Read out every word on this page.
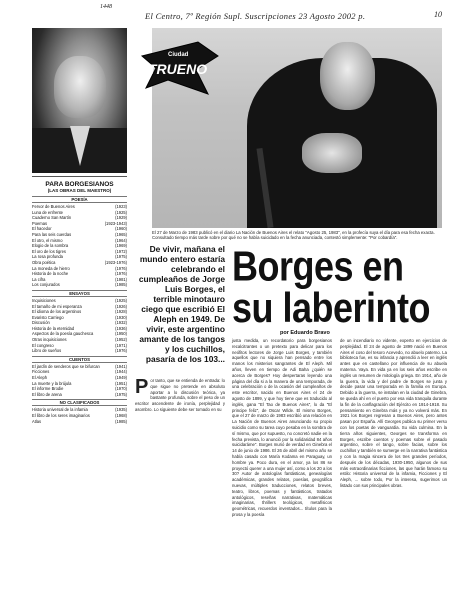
1448
El Centro, 7º Región Supl. Suscripciones 23 Agosto 2002 p.	10
Ciudad
TRUENO
El 27 de Marzo de 1983 publicó en el diario La Nación de Buenos Aires el relato "Agosto 25, 1983", en la profecía suya el día para esa fecha exacta. Consultado tiempo más tarde sobre por qué no se había suicidado en la fecha anunciada, contestó simplemente: "Por cobardía".
PARA BORGESIANOS
(LAS OBRAS DEL MAESTRO)
POESÍA
Fervor de Buenos Aires	(1923)
Luna de enfrente	(1925)
Cuaderno San Martín	(1929)
Poemas	(1923-1943)
El hacedor	(1960)
Para las seis cuerdas	(1965)
El otro, el mismo	(1964)
Elogio de la sombra	(1969)
El oro de los tigres	(1972)
La rosa profunda	(1975)
Obra poética	(1923-1976)
La moneda de hierro	(1976)
Historia de la noche	(1976)
La cifra	(1981)
Los conjurados	(1985)
ENSAYOS
Inquisiciones	(1925)
El tamaño de mi esperanza	(1926)
El idioma de los argentinos	(1928)
Evaristo Carriego	(1930)
Discusión	(1932)
Historia de la eternidad	(1936)
Aspectos de la poesía gauchesca	(1950)
Otras inquisiciones	(1952)
El congreso	(1971)
Libro de sueños	(1976)
CUENTOS
El jardín de senderos que se bifurcan	(1941)
Ficciones	(1944)
El Aleph	(1949)
La muerte y la brújula	(1951)
El informe Brodie	(1970)
El libro de arena	(1975)
NO CLASIFICADOS
Historia universal de la infamia	(1935)
El libro de los seres imaginarios	(1968)
Atlas	(1985)
De vivir, mañana el mundo entero estaría celebrando el cumpleaños de Jorge Luis Borges, el terrible minotauro ciego que escribió El Aleph en 1949. De vivir, este argentino amante de los tangos y los cuchillos, pasaría de los 103...
Borges en su laberinto
por Eduardo Bravo
Por tanto, que se entienda de entrada: lo que sigue no pretende en absoluto aportar a lo discusión teórica, ya bastante profunda, sobre el peso de un escritor ascendente de ironía, perplejidad y asombro. Lo siguiente debe ser tomado en su
justa medida, un recordatorio para borgesianos recalcitrantes o un pretexto para delicar para los neófitos lectores de Jorge Luis Borges, y también aquellos que no siquiera han pensado entre los manos los misterios sangrantes de El Aleph. Mil años, lleven en tiempo de Adi Baha ¿quién se acerca de Borges? Hoy despertaras leyendo una página del día si a la manera de una temporada, de una celebración o de la ocasión del cumpleaños de este escritor, nacido en Buenos Aires el 24 de agosto de 1899, y que hoy tiene que es traducido al inglés, gana "El Tao de Buenos Aires", lo da "El principe feliz", de Oscar Wilde. El mismo Borges, que el 27 de marzo de 1983 escribió una relación en La Nación de Buenos Aires anunciando su propio suicidio como su tarea cuyo pesaba en la sombra de sí mismo, que por supuesto, no concretó nadie en la fecha prevista, lo anunció por la solidaridad 84 años suicidaráme". Borges murió de verdad en Ginebra el 14 de junio de 1986. El 26 de abril del mismo año se había casado con María Kodama en Paraguay, un hombre ya. Poco dura, en el amor, ya los 86 se proyectó querer a una mujer así, como a los 20 a los 30? Autor de antologías fantásticas, genealogías académicas, grandes relatos, poesías, geográfica nuevas, múltiples traducciones, relatos breves, teatro, libros, poemas y fantásticos, tratados antológicos, reseñas narrativas, matemáticas imaginarias, thrillers teológicos, metafísicos geométricas, recuerdos inventados... títulos para la prosa y la poesía
de un incendiario no vidente, experto en ejercicios de perplejidad. El 24 de agosto de 1899 nació en Buenos Aires el coso del tesoro Acevedo, no abuelo paterno. La biblioteca fue, es su infancia y aprendió a leer en inglés antes que en castellano por influencia de su abuela materna. Vaya. En vida ya en los seis años escribe en inglés un resumen de mitología griega. En 1914, año de la guerra, la vida y del padre de Borges se junta y decide pasar una temporada en la familia en Europa. Debido a la guerra, se instalan en la ciudad de Ginebra, se queda ahí en el puerto por esa vida tranquila durante la fin de la conflagración del Ejército en 1914-1918. Su pensamiento en Ginebra más y ya no volverá más. En 1921 los Borges regresan a Buenos Aires, pero antes pasan por España. Allí Georges publica su primer verso con los poetas de vanguardia. Su vida culmina. En la tierra años siguientes, Georges se transforma en Borges, escribe cuentos y poemas sobre el pasado argentino, sobre el tango, sobre facias, sobre los cuchillos y también se sumerge en la narrativa fantástica y con la magia sincera de los tres grandes períodos, después de los décadas, 1930-1950, algunos de sus más extraordinarias ficciones, las que harán famoso su estilo: Historia universal de la infamia, Ficciones y El Aleph, ... sobre todo, Por la interesa, sugerimos un listado con sus principales obras.
